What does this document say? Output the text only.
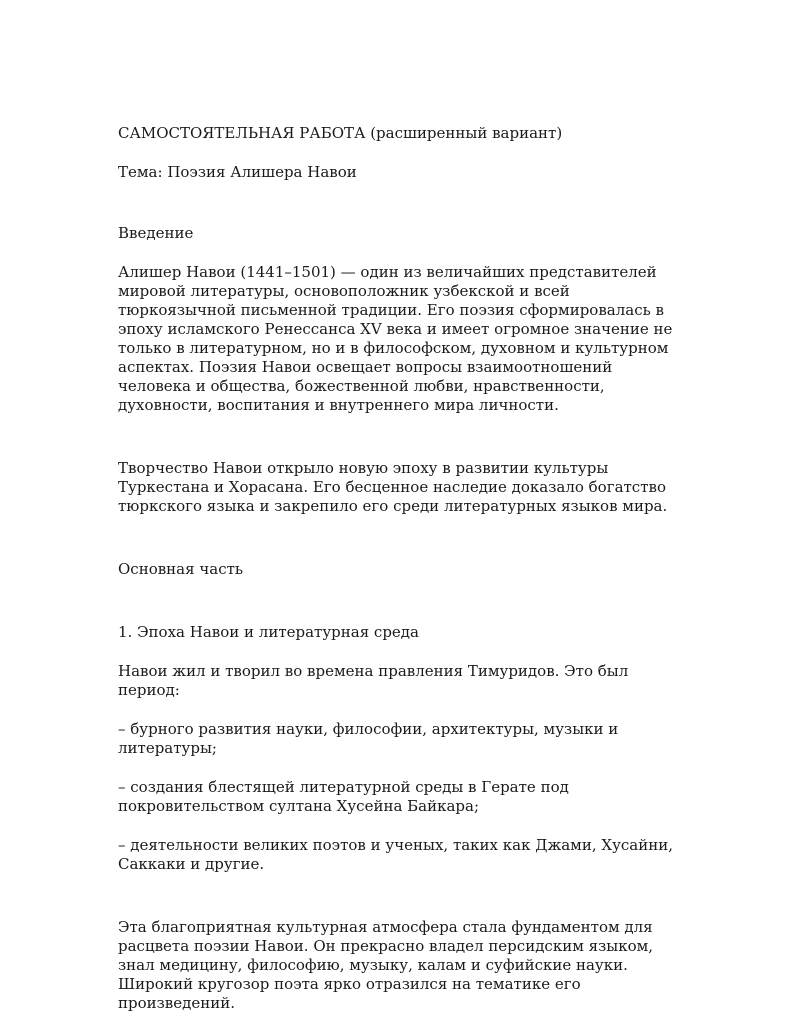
САМОСТОЯТЕЛЬНАЯ РАБОТА (расширенный вариант)

Тема: Поэзия Алишера Навои

Введение

Алишер Навои (1441–1501) — один из величайших представителей мировой литературы, основоположник узбекской и всей тюркоязычной письменной традиции. Его поэзия сформировалась в эпоху исламского Ренессанса XV века и имеет огромное значение не только в литературном, но и в философском, духовном и культурном аспектах. Поэзия Навои освещает вопросы взаимоотношений человека и общества, божественной любви, нравственности, духовности, воспитания и внутреннего мира личности.

Творчество Навои открыло новую эпоху в развитии культуры Туркестана и Хорасана. Его бесценное наследие доказало богатство тюркского языка и закрепило его среди литературных языков мира.

Основная часть

1. Эпоха Навои и литературная среда

Навои жил и творил во времена правления Тимуридов. Это был период:

– бурного развития науки, философии, архитектуры, музыки и литературы;

– создания блестящей литературной среды в Герате под покровительством султана Хусейна Байкара;

– деятельности великих поэтов и ученых, таких как Джами, Хусайни, Саккаки и другие.

Эта благоприятная культурная атмосфера стала фундаментом для расцвета поэзии Навои. Он прекрасно владел персидским языком, знал медицину, философию, музыку, калам и суфийские науки. Широкий кругозор поэта ярко отразился на тематике его произведений.
